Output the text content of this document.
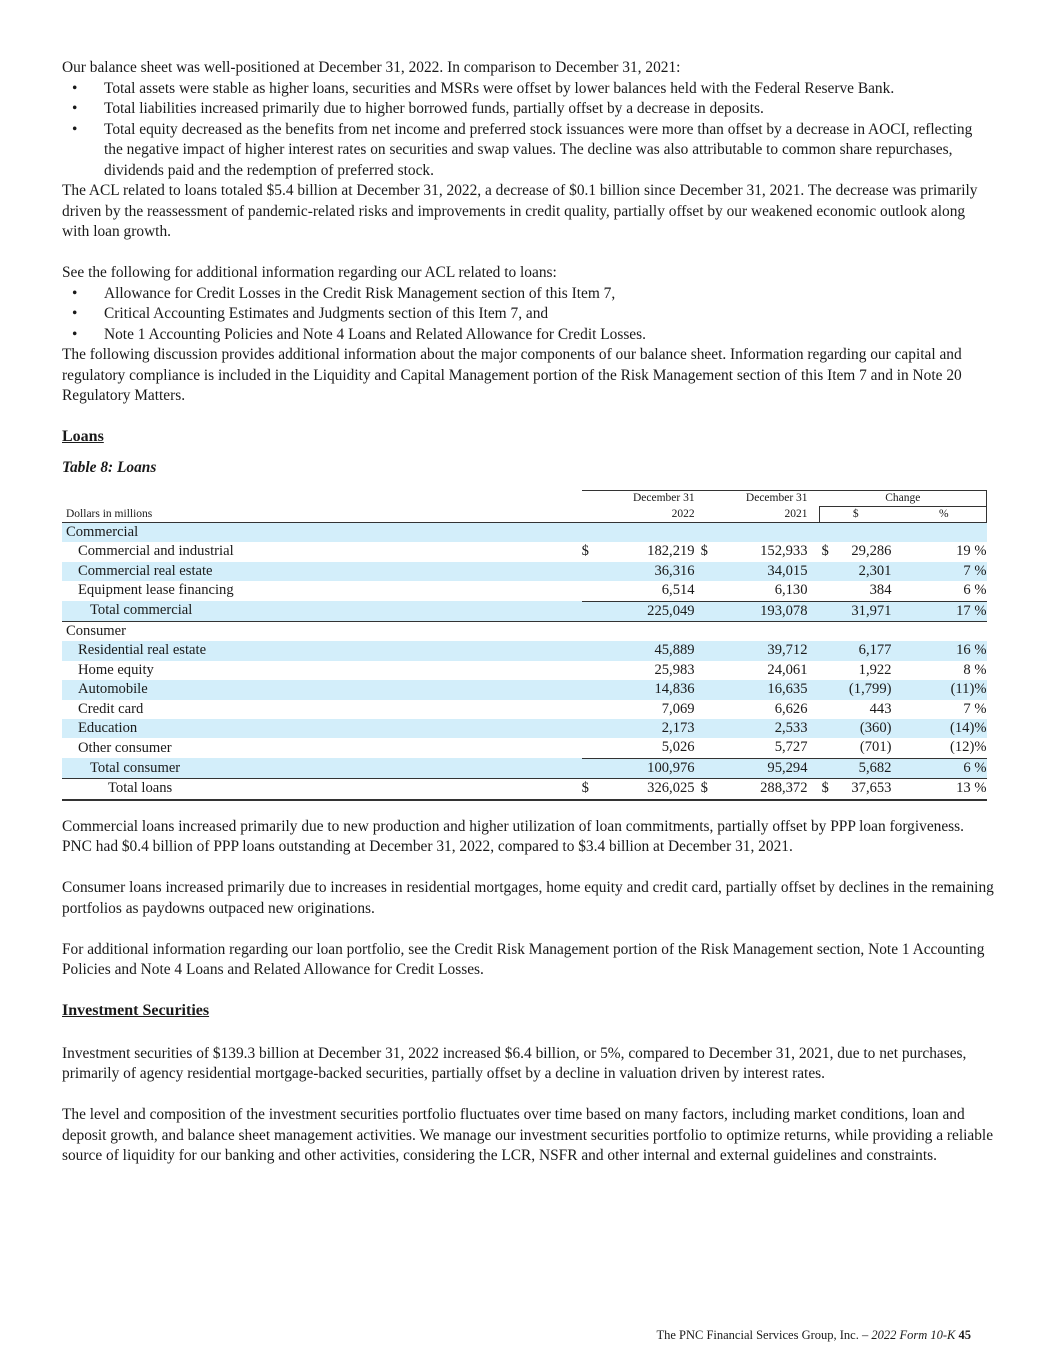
Our balance sheet was well-positioned at December 31, 2022. In comparison to December 31, 2021:

• Total assets were stable as higher loans, securities and MSRs were offset by lower balances held with the Federal Reserve Bank.
• Total liabilities increased primarily due to higher borrowed funds, partially offset by a decrease in deposits.
• Total equity decreased as the benefits from net income and preferred stock issuances were more than offset by a decrease in AOCI, reflecting the negative impact of higher interest rates on securities and swap values. The decline was also attributable to common share repurchases, dividends paid and the redemption of preferred stock.

The ACL related to loans totaled $5.4 billion at December 31, 2022, a decrease of $0.1 billion since December 31, 2021. The decrease was primarily driven by the reassessment of pandemic-related risks and improvements in credit quality, partially offset by our weakened economic outlook along with loan growth.

See the following for additional information regarding our ACL related to loans:

• Allowance for Credit Losses in the Credit Risk Management section of this Item 7,
• Critical Accounting Estimates and Judgments section of this Item 7, and
• Note 1 Accounting Policies and Note 4 Loans and Related Allowance for Credit Losses.

The following discussion provides additional information about the major components of our balance sheet. Information regarding our capital and regulatory compliance is included in the Liquidity and Capital Management portion of the Risk Management section of this Item 7 and in Note 20 Regulatory Matters.

Loans
Table 8: Loans
		December 31		December 31		Change			
Dollars in millions		2022		2021		$			%
Commercial									
Commercial and industrial	$	182,219	$	152,933		$	29,286		19 %
Commercial real estate		36,316		34,015			2,301		7 %
Equipment lease financing		6,514		6,130			384		6 %
Total commercial		225,049		193,078			31,971		17 %
Consumer									
Residential real estate		45,889		39,712			6,177		16 %
Home equity		25,983		24,061			1,922		8 %
Automobile		14,836		16,635			(1,799)		(11)%
Credit card		7,069		6,626			443		7 %
Education		2,173		2,533			(360)		(14)%
Other consumer		5,026		5,727			(701)		(12)%
Total consumer		100,976		95,294			5,682		6 %
Total loans	$	326,025	$	288,372		$	37,653		13 %

Commercial loans increased primarily due to new production and higher utilization of loan commitments, partially offset by PPP loan forgiveness. PNC had $0.4 billion of PPP loans outstanding at December 31, 2022, compared to $3.4 billion at December 31, 2021.

Consumer loans increased primarily due to increases in residential mortgages, home equity and credit card, partially offset by declines in the remaining portfolios as paydowns outpaced new originations.

For additional information regarding our loan portfolio, see the Credit Risk Management portion of the Risk Management section, Note 1 Accounting Policies and Note 4 Loans and Related Allowance for Credit Losses.

Investment Securities

Investment securities of $139.3 billion at December 31, 2022 increased $6.4 billion, or 5%, compared to December 31, 2021, due to net purchases, primarily of agency residential mortgage-backed securities, partially offset by a decline in valuation driven by interest rates.

The level and composition of the investment securities portfolio fluctuates over time based on many factors, including market conditions, loan and deposit growth, and balance sheet management activities. We manage our investment securities portfolio to optimize returns, while providing a reliable source of liquidity for our banking and other activities, considering the LCR, NSFR and other internal and external guidelines and constraints.

The PNC Financial Services Group, Inc. – 2022 Form 10-K 45
